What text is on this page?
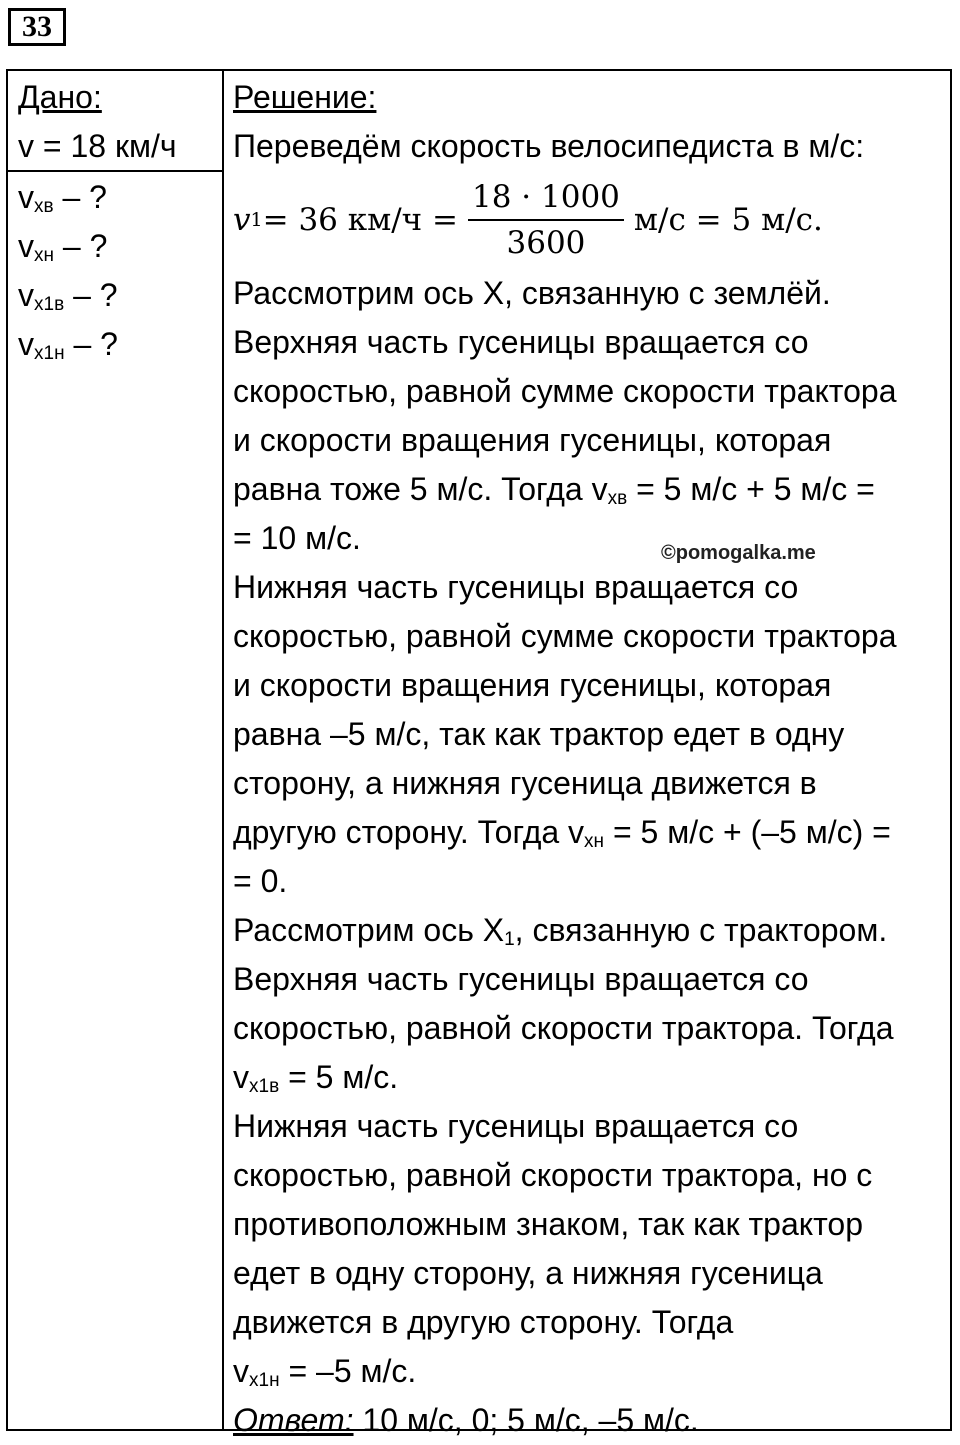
33
Дано:
v = 18 км/ч
$v_{хв}$ – ?
$v_{хн}$ – ?
$v_{х1в}$ – ?
$v_{х1н}$ – ?
Решение:
Переведём скорость велосипедиста в м/с:
v 1 = 36 $км/ч = \frac{18 \cdot 1000}{3600} м/с = 5$ м/с.
Рассмотрим ось X, связанную с землёй.
Верхняя часть гусеницы вращается со
скоростью, равной сумме скорости трактора
и скорости вращения гусеницы, которая
равна тоже 5 м/с. Тогда $v_{хв} = 5$ м/с + 5 м/с =
= 10 м/с.
Нижняя часть гусеницы вращается со
скоростью, равной сумме скорости трактора
и скорости вращения гусеницы, которая
равна –5 м/с, так как трактор едет в одну
сторону, а нижняя гусеница движется в
другую сторону. Тогда $v_{хн} = 5$ м/с + (–5 м/с) =
= 0.
Рассмотрим ось $X_1$, связанную с трактором.
Верхняя часть гусеницы вращается со
скоростью, равной скорости трактора. Тогда
$v_{х1в} = 5$ м/с.
Нижняя часть гусеницы вращается со
скоростью, равной скорости трактора, но с
противоположным знаком, так как трактор
едет в одну сторону, а нижняя гусеница
движется в другую сторону. Тогда
$v_{х1н} = -5$ м/с.
Ответ: 10 м/с, 0; 5 м/с, –5 м/с.
©pomogalka.me
